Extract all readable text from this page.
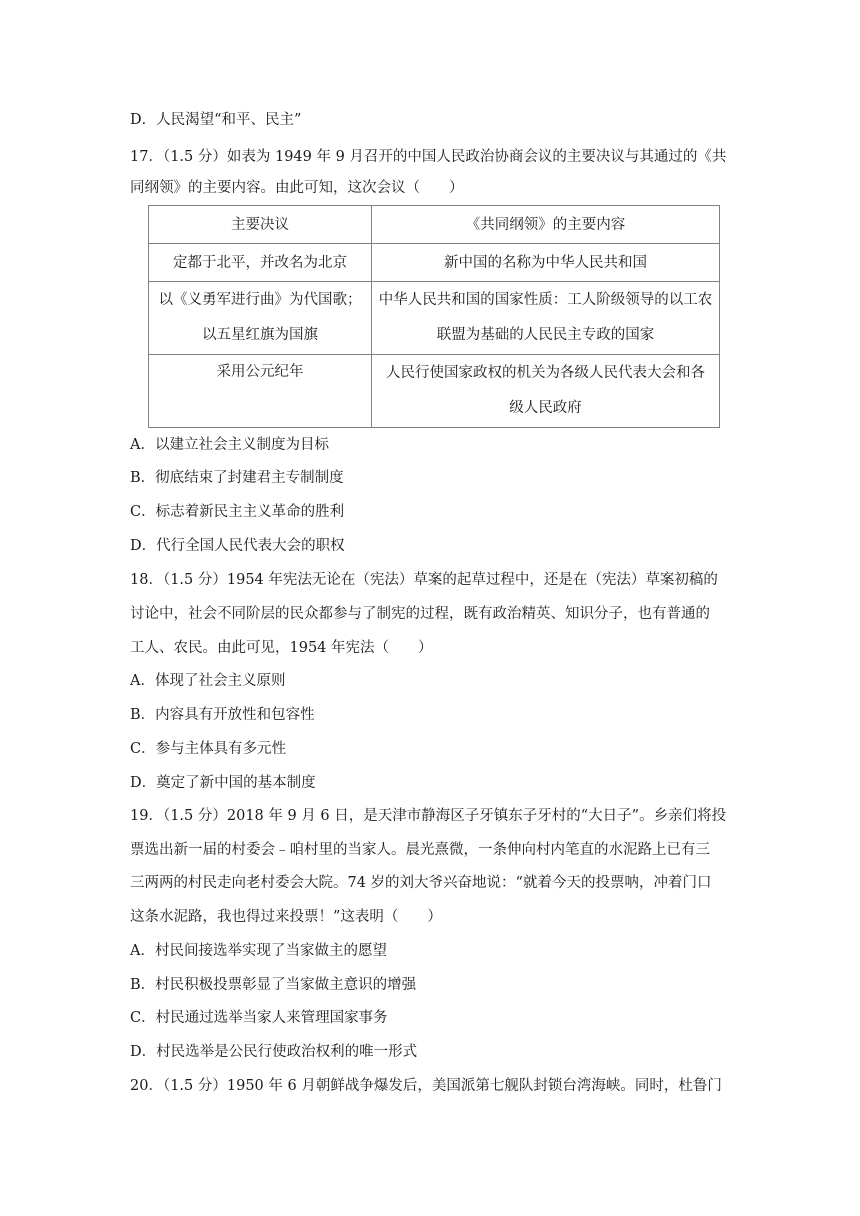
D．人民渴望“和平、民主”
17．（1.5 分）如表为 1949 年 9 月召开的中国人民政治协商会议的主要决议与其通过的《共
同纲领》的主要内容。由此可知，这次会议（　　）
主要决议	《共同纲领》的主要内容

定都于北平，并改名为北京	新中国的名称为中华人民共和国

以《义勇军进行曲》为代国歌；
以五星红旗为国旗	中华人民共和国的国家性质：工人阶级领导的以工农
联盟为基础的人民民主专政的国家

采用公元纪年	人民行使国家政权的机关为各级人民代表大会和各
级人民政府
A．以建立社会主义制度为目标
B．彻底结束了封建君主专制制度
C．标志着新民主主义革命的胜利
D．代行全国人民代表大会的职权
18．（1.5 分）1954 年宪法无论在（宪法）草案的起草过程中，还是在（宪法）草案初稿的
讨论中，社会不同阶层的民众都参与了制宪的过程，既有政治精英、知识分子，也有普通的
工人、农民。由此可见，1954 年宪法（　　）
A．体现了社会主义原则
B．内容具有开放性和包容性
C．参与主体具有多元性
D．奠定了新中国的基本制度
19．（1.5 分）2018 年 9 月 6 日，是天津市静海区子牙镇东子牙村的“大日子”。乡亲们将投
票选出新一届的村委会﹣咱村里的当家人。晨光熹微，一条伸向村内笔直的水泥路上已有三
三两两的村民走向老村委会大院。74 岁的刘大爷兴奋地说：“就着今天的投票呐，冲着门口
这条水泥路，我也得过来投票！”这表明（　　）
A．村民间接选举实现了当家做主的愿望
B．村民积极投票彰显了当家做主意识的增强
C．村民通过选举当家人来管理国家事务
D．村民选举是公民行使政治权利的唯一形式
20．（1.5 分）1950 年 6 月朝鲜战争爆发后，美国派第七舰队封锁台湾海峡。同时，杜鲁门
